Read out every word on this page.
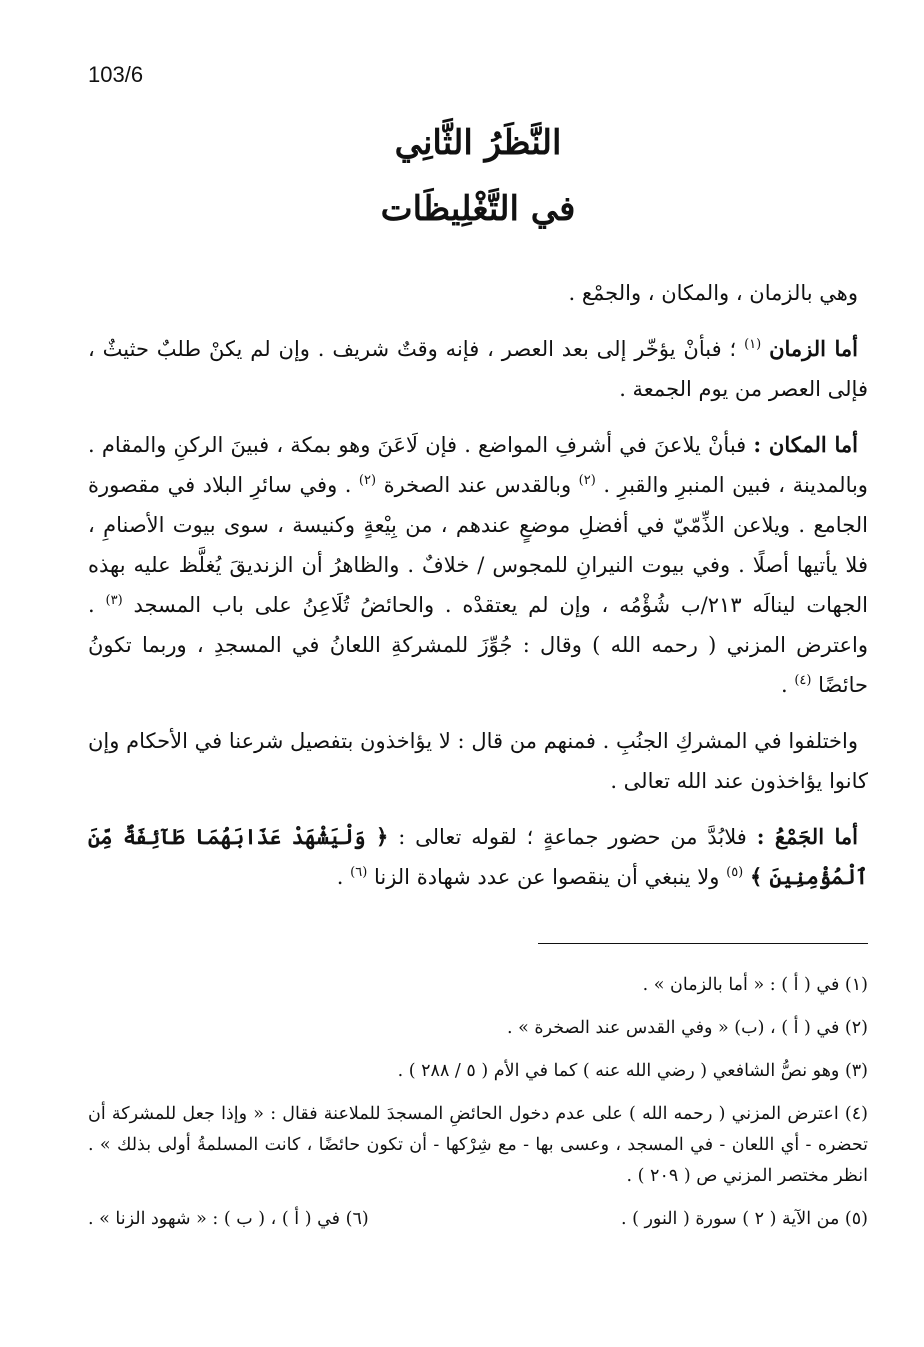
103/6
النَّظَرُ الثَّانِي
في التَّغْلِيظَات

وهي بالزمان ، والمكان ، والجمْع .

أما الزمان $^{(١)}$ ؛ فبأنْ يؤخّر إلى بعد العصر ، فإنه وقتٌ شريف . وإن لم يكنْ طلبٌ حثيثٌ ، فإلى العصر من يوم الجمعة .

أما المكان : فبأنْ يلاعنَ في أشرفِ المواضع . فإن لَاعَنَ وهو بمكة ، فبينَ الركنِ والمقام . وبالمدينة ، فبين المنبرِ والقبرِ . $^{(٢)}$ وبالقدس عند الصخرة $^{(٢)}$ . وفي سائرِ البلاد في مقصورة الجامع . ويلاعن الذِّمّيّ في أفضلِ موضعٍ عندهم ، من بِيْعةٍ وكنيسة ، سوى بيوت الأصنامِ ، فلا يأتيها أصلًا . وفي بيوت النيرانِ للمجوس / خلافٌ . والظاهرُ أن الزنديقَ يُغلَّظ عليه بهذه الجهات لينالَه ٢١٣/ب شُؤْمُه ، وإن لم يعتقدْه . والحائضُ تُلَاعِنُ على باب المسجد $^{(٣)}$ . واعترض المزني ( رحمه الله ) وقال : جُوِّزَ للمشركةِ اللعانُ في المسجدِ ، وربما تكونُ حائضًا $^{(٤)}$ .

واختلفوا في المشركِ الجنُبِ . فمنهم من قال : لا يؤاخذون بتفصيل شرعنا في الأحكام وإن كانوا يؤاخذون عند الله تعالى .

أما الجَمْعُ : فلابُدَّ من حضور جماعةٍ ؛ لقوله تعالى : ﴿ وَلْيَشْهَدْ عَذَابَهُمَا طَآئِفَةٌ مِّنَ ٱلْمُؤْمِنِينَ ﴾ $^{(٥)}$ ولا ينبغي أن ينقصوا عن عدد شهادة الزنا $^{(٦)}$ .

(١) في ( أ ) : « أما بالزمان » .

(٢) في ( أ ) ، (ب) « وفي القدس عند الصخرة » .

(٣) وهو نصُّ الشافعي ( رضي الله عنه ) كما في الأم ( ٥ / ٢٨٨ ) .

(٤) اعترض المزني ( رحمه الله ) على عدم دخول الحائضِ المسجدَ للملاعنة فقال : « وإذا جعل للمشركة أن تحضره - أي اللعان - في المسجد ، وعسى بها - مع شِرْكها - أن تكون حائضًا ، كانت المسلمةُ أولى بذلك » . انظر مختصر المزني ص ( ٢٠٩ ) .

(٥) من الآية ( ٢ ) سورة ( النور ) .
(٦) في ( أ ) ، ( ب ) : « شهود الزنا » .
